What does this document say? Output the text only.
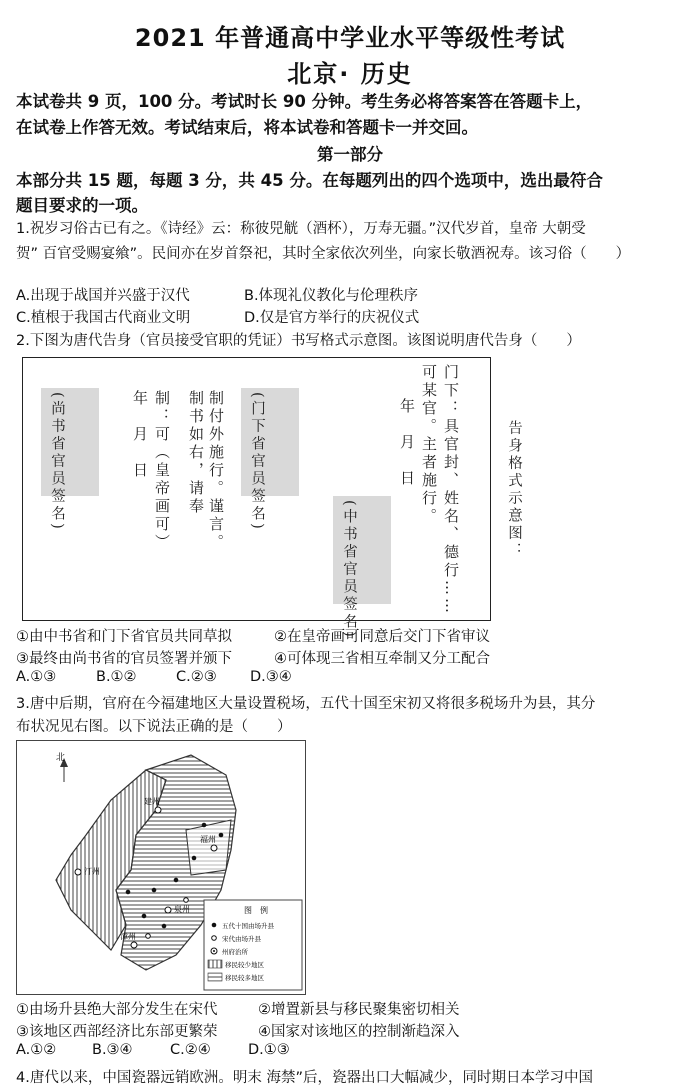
2021 年普通高中学业水平等级性考试
北京· 历史
本试卷共 9 页，100 分。考试时长 90 分钟。考生务必将答案答在答题卡上，
在试卷上作答无效。考试结束后，将本试卷和答题卡一并交回。
第一部分
本部分共 15 题，每题 3 分，共 45 分。在每题列出的四个选项中，选出最符合
题目要求的一项。
1.祝岁习俗古已有之。《诗经》云：称彼兕觥（酒杯），万寿无疆。”汉代岁首，皇帝 大朝受
贺” 百官受赐宴飨”。民间亦在岁首祭祀，其时全家依次列坐，向家长敬酒祝寿。该习俗（　　）
A.出现于战国并兴盛于汉代	B.体现礼仪教化与伦理秩序
C.植根于我国古代商业文明	D.仅是官方举行的庆祝仪式
2.下图为唐代告身（官员接受官职的凭证）书写格式示意图。该图说明唐代告身（　　）
(尚书省官员签名)	年　月　日 制：可（皇帝画可） 制书如右，请奉 制付外施行。谨言。 (门下省官员签名)
(中书省官员签名)
年　月　日 可某官。主者施行。 门下：具官封、姓名、德行……	告身格式示意图：
①由中书省和门下省官员共同草拟	②在皇帝画可同意后交门下省审议
③最终由尚书省的官员签署并颁下	④可体现三省相互牵制又分工配合
A.①③	B.①②	C.②③ D.③④
3.唐中后期，官府在今福建地区大量设置税场，五代十国至宋初又将很多税场升为县，其分
布状况见右图。以下说法正确的是（　　）
北
建州
福州
汀州
泉州
漳州
图　例
五代十国由场升县
宋代由场升县
州府治所
移民较少地区
移民较多地区
①由场升县绝大部分发生在宋代	②增置新县与移民聚集密切相关
③该地区西部经济比东部更繁荣	④国家对该地区的控制渐趋深入
A.①② B.③④	C.②④	D.①③
4.唐代以来，中国瓷器远销欧洲。明末 海禁”后，瓷器出口大幅减少，同时期日本学习中国
